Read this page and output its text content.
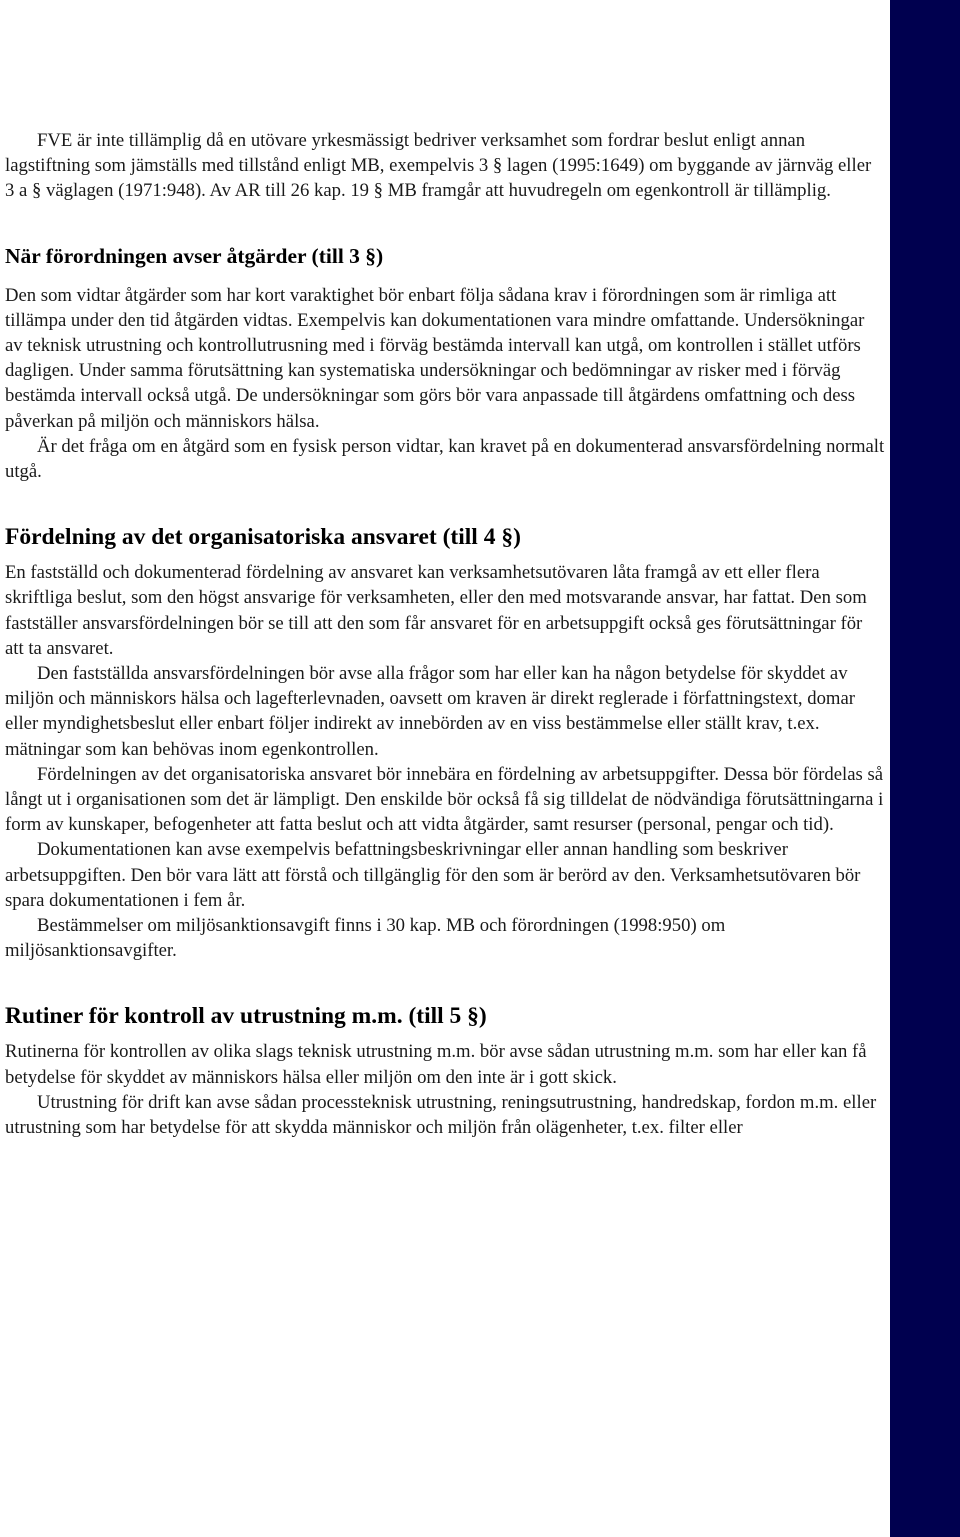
FVE är inte tillämplig då en utövare yrkesmässigt bedriver verksamhet som fordrar beslut enligt annan lagstiftning som jämställs med tillstånd enligt MB, exempelvis 3 § lagen (1995:1649) om byggande av järnväg eller 3 a § väglagen (1971:948). Av AR till 26 kap. 19 § MB framgår att huvudregeln om egenkontroll är tillämplig.

När förordningen avser åtgärder (till 3 §)

Den som vidtar åtgärder som har kort varaktighet bör enbart följa sådana krav i förordningen som är rimliga att tillämpa under den tid åtgärden vidtas. Exempelvis kan dokumentationen vara mindre omfattande. Undersökningar av teknisk utrustning och kontrollutrusning med i förväg bestämda intervall kan utgå, om kontrollen i stället utförs dagligen. Under samma förutsättning kan systematiska undersökningar och bedömningar av risker med i förväg bestämda intervall också utgå. De undersökningar som görs bör vara anpassade till åtgärdens omfattning och dess påverkan på miljön och människors hälsa.

Är det fråga om en åtgärd som en fysisk person vidtar, kan kravet på en dokumenterad ansvarsfördelning normalt utgå.

Fördelning av det organisatoriska ansvaret (till 4 §)

En fastställd och dokumenterad fördelning av ansvaret kan verksamhetsutövaren låta framgå av ett eller flera skriftliga beslut, som den högst ansvarige för verksamheten, eller den med motsvarande ansvar, har fattat. Den som fastställer ansvarsfördelningen bör se till att den som får ansvaret för en arbetsuppgift också ges förutsättningar för att ta ansvaret.

Den fastställda ansvarsfördelningen bör avse alla frågor som har eller kan ha någon betydelse för skyddet av miljön och människors hälsa och lagefterlevnaden, oavsett om kraven är direkt reglerade i författningstext, domar eller myndighetsbeslut eller enbart följer indirekt av innebörden av en viss bestämmelse eller ställt krav, t.ex. mätningar som kan behövas inom egenkontrollen.

Fördelningen av det organisatoriska ansvaret bör innebära en fördelning av arbetsuppgifter. Dessa bör fördelas så långt ut i organisationen som det är lämpligt. Den enskilde bör också få sig tilldelat de nödvändiga förutsättningarna i form av kunskaper, befogenheter att fatta beslut och att vidta åtgärder, samt resurser (personal, pengar och tid).

Dokumentationen kan avse exempelvis befattningsbeskrivningar eller annan handling som beskriver arbetsuppgiften. Den bör vara lätt att förstå och tillgänglig för den som är berörd av den. Verksamhetsutövaren bör spara dokumentationen i fem år.

Bestämmelser om miljösanktionsavgift finns i 30 kap. MB och förordningen (1998:950) om miljösanktionsavgifter.

Rutiner för kontroll av utrustning m.m. (till 5 §)

Rutinerna för kontrollen av olika slags teknisk utrustning m.m. bör avse sådan utrustning m.m. som har eller kan få betydelse för skyddet av människors hälsa eller miljön om den inte är i gott skick.

Utrustning för drift kan avse sådan processteknisk utrustning, reningsutrustning, handredskap, fordon m.m. eller utrustning som har betydelse för att skydda människor och miljön från olägenheter, t.ex. filter eller
